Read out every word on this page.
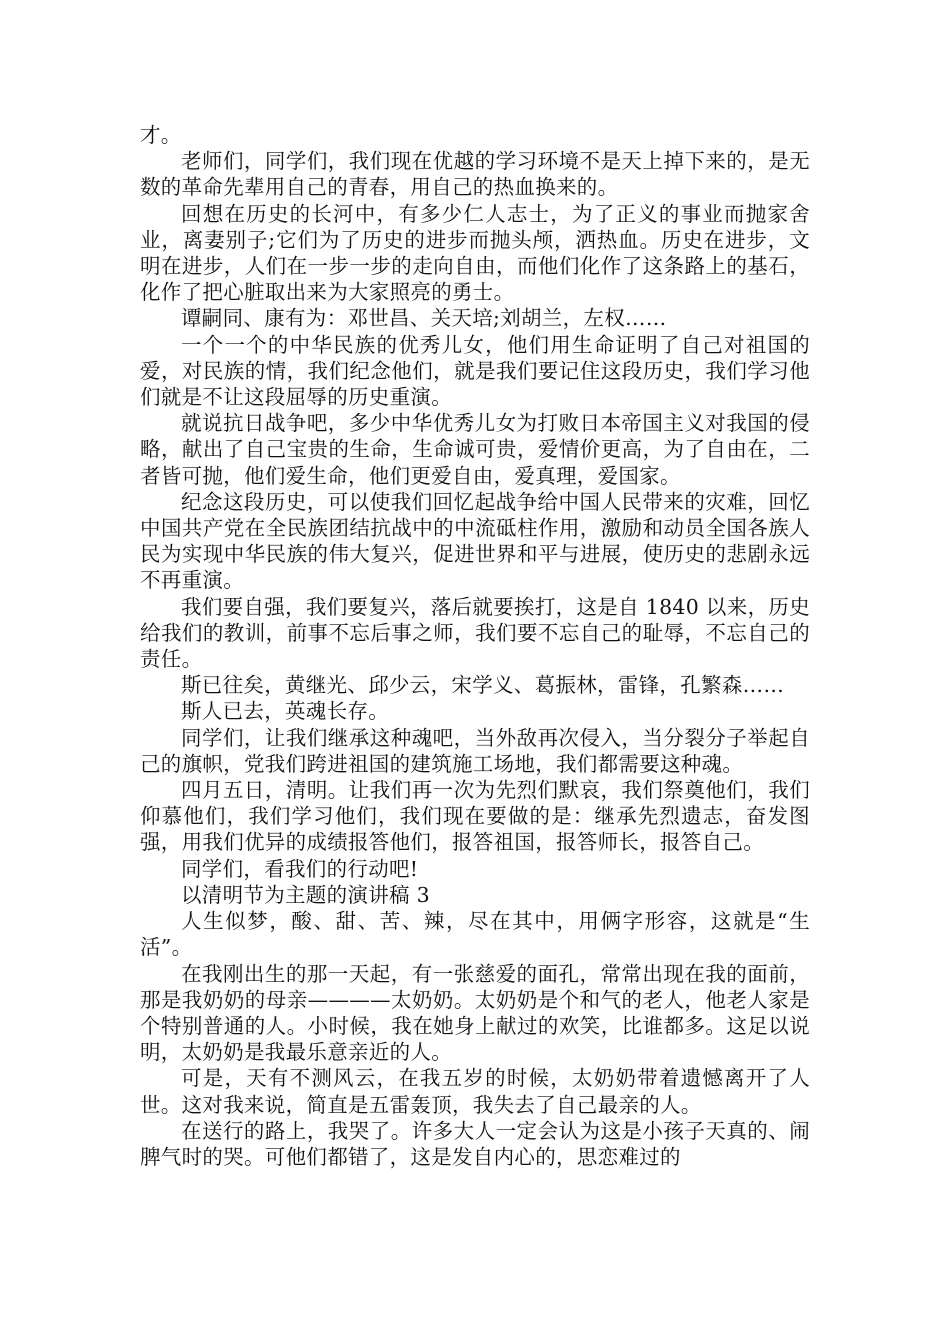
才。

老师们，同学们，我们现在优越的学习环境不是天上掉下来的，是无数的革命先辈用自己的青春，用自己的热血换来的。

回想在历史的长河中，有多少仁人志士，为了正义的事业而抛家舍业，离妻别子;它们为了历史的进步而抛头颅，洒热血。历史在进步，文明在进步，人们在一步一步的走向自由，而他们化作了这条路上的基石，化作了把心脏取出来为大家照亮的勇士。

谭嗣同、康有为：邓世昌、关天培;刘胡兰，左权……

一个一个的中华民族的优秀儿女，他们用生命证明了自己对祖国的爱，对民族的情，我们纪念他们，就是我们要记住这段历史，我们学习他们就是不让这段屈辱的历史重演。

就说抗日战争吧，多少中华优秀儿女为打败日本帝国主义对我国的侵略，献出了自己宝贵的生命，生命诚可贵，爱情价更高，为了自由在，二者皆可抛，他们爱生命，他们更爱自由，爱真理，爱国家。

纪念这段历史，可以使我们回忆起战争给中国人民带来的灾难，回忆中国共产党在全民族团结抗战中的中流砥柱作用，激励和动员全国各族人民为实现中华民族的伟大复兴，促进世界和平与进展，使历史的悲剧永远不再重演。

我们要自强，我们要复兴，落后就要挨打，这是自 1840 以来，历史给我们的教训，前事不忘后事之师，我们要不忘自己的耻辱，不忘自己的责任。

斯已往矣，黄继光、邱少云，宋学义、葛振林，雷锋，孔繁森……

斯人已去，英魂长存。

同学们，让我们继承这种魂吧，当外敌再次侵入，当分裂分子举起自己的旗帜，党我们跨进祖国的建筑施工场地，我们都需要这种魂。

四月五日，清明。让我们再一次为先烈们默哀，我们祭奠他们，我们仰慕他们，我们学习他们，我们现在要做的是：继承先烈遗志，奋发图强，用我们优异的成绩报答他们，报答祖国，报答师长，报答自己。

同学们，看我们的行动吧!

以清明节为主题的演讲稿 3

人生似梦，酸、甜、苦、辣，尽在其中，用俩字形容，这就是“生活”。

在我刚出生的那一天起，有一张慈爱的面孔，常常出现在我的面前，那是我奶奶的母亲————太奶奶。太奶奶是个和气的老人，他老人家是个特别普通的人。小时候，我在她身上献过的欢笑，比谁都多。这足以说明，太奶奶是我最乐意亲近的人。

可是，天有不测风云，在我五岁的时候，太奶奶带着遗憾离开了人世。这对我来说，简直是五雷轰顶，我失去了自己最亲的人。

在送行的路上，我哭了。许多大人一定会认为这是小孩子天真的、闹脾气时的哭。可他们都错了，这是发自内心的，思恋难过的
